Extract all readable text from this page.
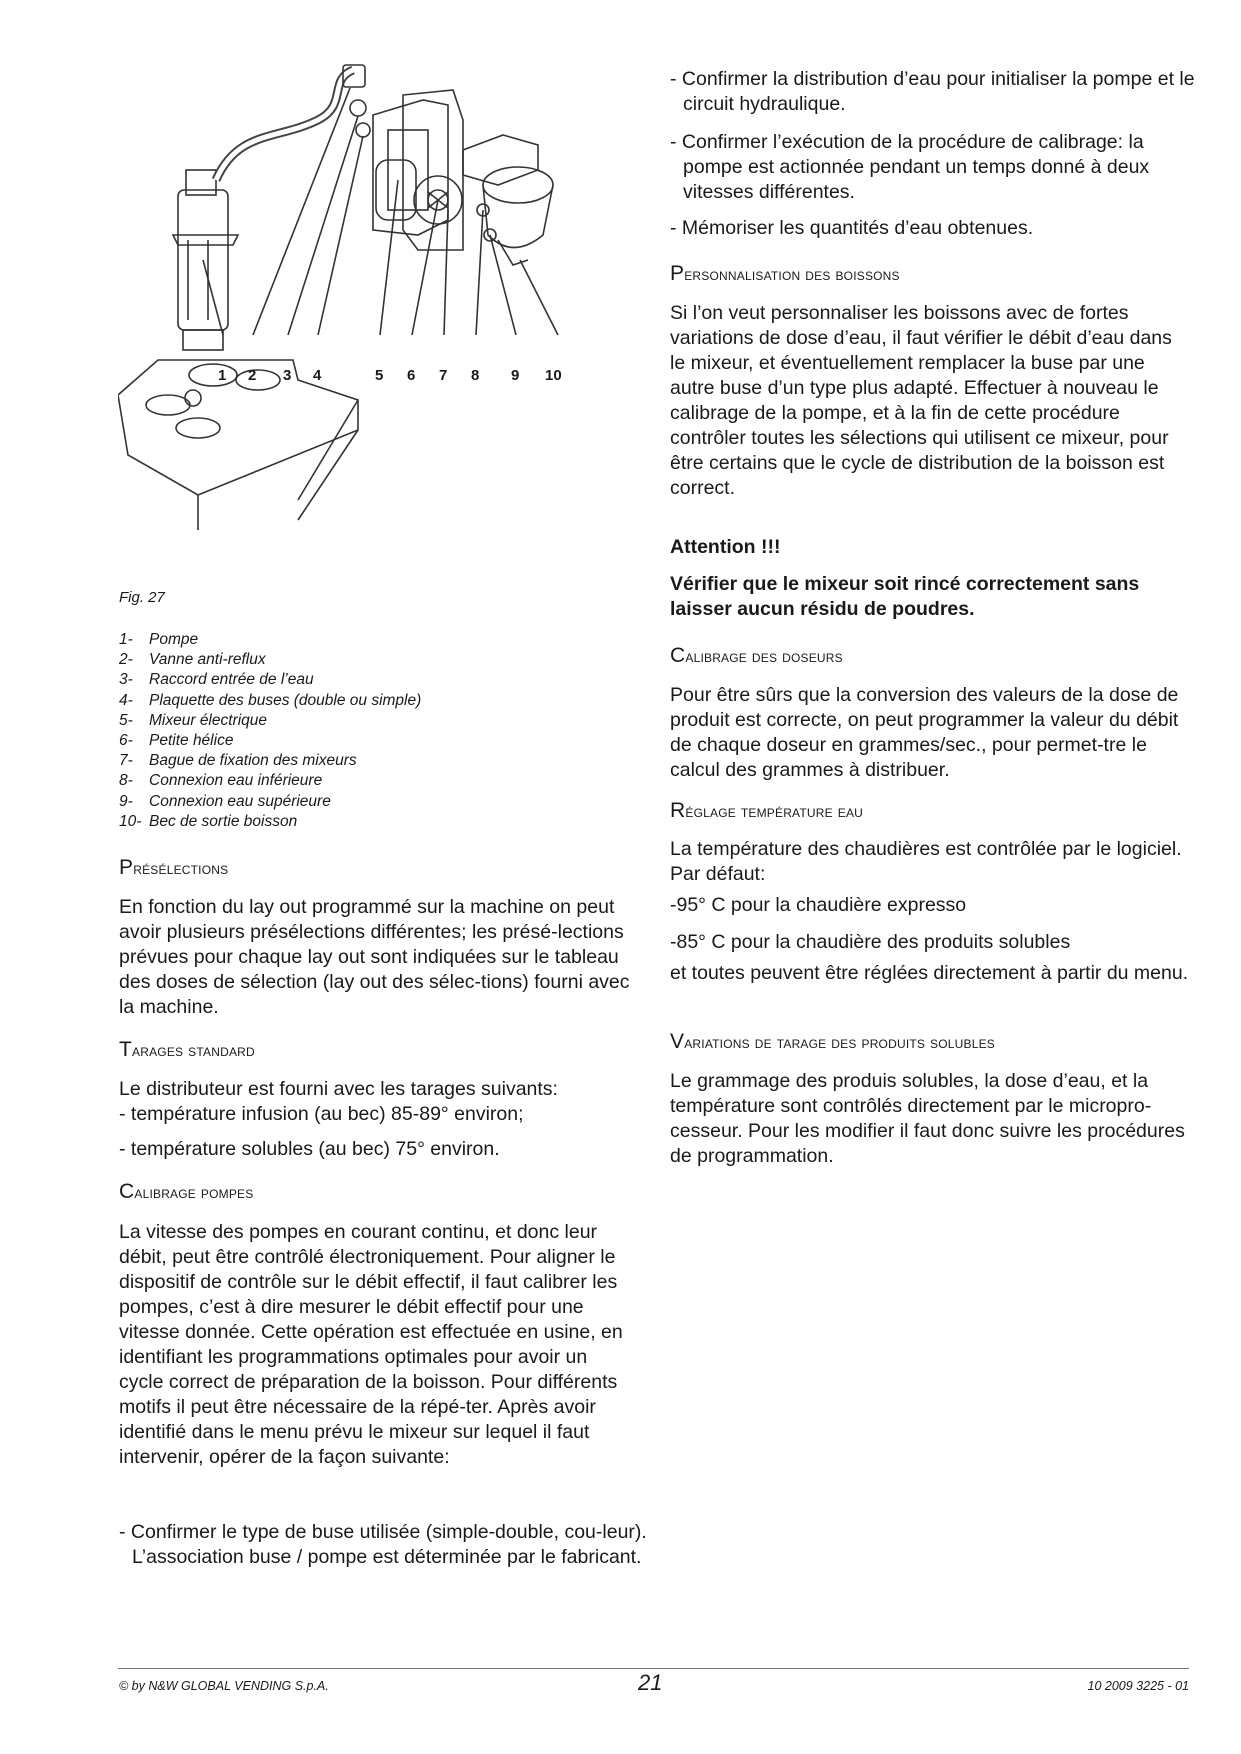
1 2 3 4	5 6 7 8 9 10
Fig. 27
1-	Pompe
2-	Vanne anti-reflux
3-	Raccord entrée de l’eau
4-	Plaquette des buses (double ou simple)
5-	Mixeur électrique
6-	Petite hélice
7-	Bague de fixation des mixeurs
8-	Connexion eau inférieure
9-	Connexion eau supérieure
10- Bec de sortie boisson
Présélections

En fonction du lay out programmé sur la machine on peut avoir plusieurs présélections différentes; les présé-lections prévues pour chaque lay out sont indiquées sur le tableau des doses de sélection (lay out des sélec-tions) fourni avec la machine.

Tarages standard

Le distributeur est fourni avec les tarages suivants:

- température infusion (au bec) 85-89° environ;

- température solubles (au bec) 75° environ.

Calibrage pompes

La vitesse des pompes en courant continu, et donc leur débit, peut être contrôlé électroniquement. Pour aligner le dispositif de contrôle sur le débit effectif, il faut calibrer les pompes, c’est à dire mesurer le débit effectif pour une vitesse donnée. Cette opération est effectuée en usine, en identifiant les programmations optimales pour avoir un cycle correct de préparation de la boisson. Pour différents motifs il peut être nécessaire de la répé-ter. Après avoir identifié dans le menu prévu le mixeur sur lequel il faut intervenir, opérer de la façon suivante:

- Confirmer le type de buse utilisée (simple-double, cou-leur). L’association buse / pompe est déterminée par le fabricant.

- Confirmer la distribution d’eau pour initialiser la pompe et le circuit hydraulique.

- Confirmer l’exécution de la procédure de calibrage: la pompe est actionnée pendant un temps donné à deux vitesses différentes.

- Mémoriser les quantités d’eau obtenues.

Personnalisation des boissons

Si l’on veut personnaliser les boissons avec de fortes variations de dose d’eau, il faut vérifier le débit d’eau dans le mixeur, et éventuellement remplacer la buse par une autre buse d’un type plus adapté. Effectuer à nouveau le calibrage de la pompe, et à la fin de cette procédure contrôler toutes les sélections qui utilisent ce mixeur, pour être certains que le cycle de distribution de la boisson est correct.

Attention !!!

Vérifier que le mixeur soit rincé correctement sans laisser aucun résidu de poudres.

Calibrage des doseurs

Pour être sûrs que la conversion des valeurs de la dose de produit est correcte, on peut programmer la valeur du débit de chaque doseur en grammes/sec., pour permet-tre le calcul des grammes à distribuer.

Réglage température eau

La température des chaudières est contrôlée par le logiciel. Par défaut:

-95° C pour la chaudière expresso

-85° C pour la chaudière des produits solubles

et toutes peuvent être réglées directement à partir du menu.

Variations de tarage des produits solubles

Le grammage des produis solubles, la dose d’eau, et la température sont contrôlés directement par le micropro-cesseur. Pour les modifier il faut donc suivre les procédures de programmation.

© by N&W GLOBAL VENDING S.p.A.	21	10 2009 3225 - 01
